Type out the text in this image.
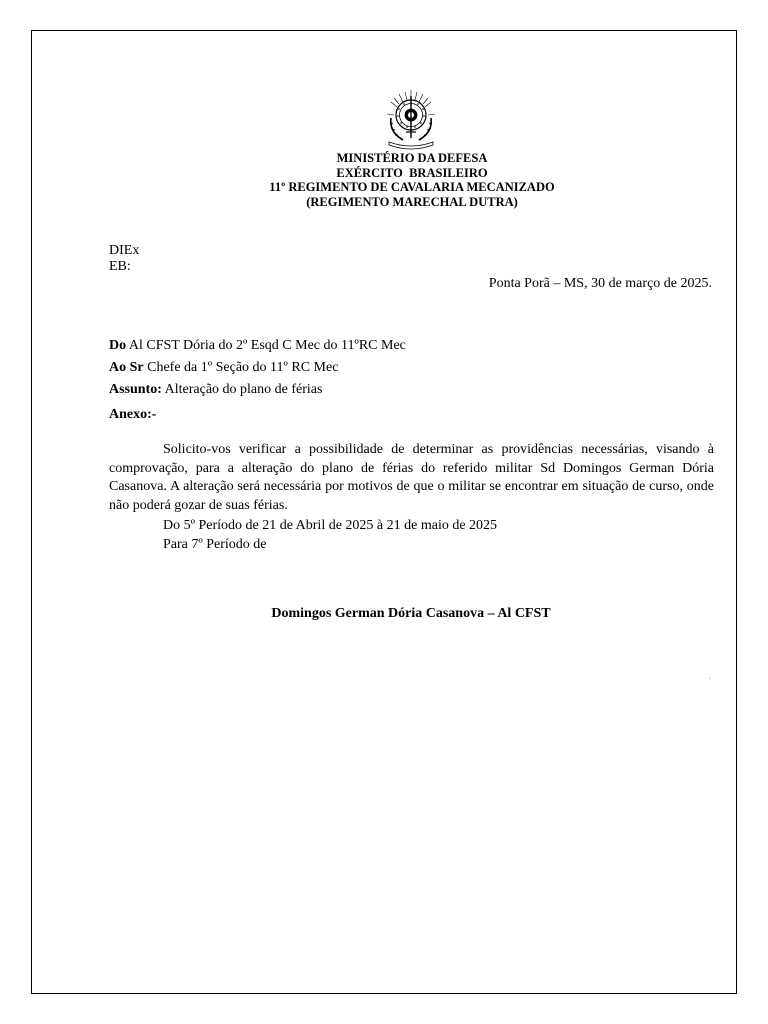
MINISTÉRIO DA DEFESA
EXÉRCITO  BRASILEIRO
11º REGIMENTO DE CAVALARIA MECANIZADO
(REGIMENTO MARECHAL DUTRA)
DIEx
EB:
Ponta Porã – MS, 30 de março de 2025.
Do Al CFST Dória do 2º Esqd C Mec do 11ºRC Mec
Ao Sr Chefe da 1º Seção do 11º RC Mec
Assunto: Alteração do plano de férias
Anexo:-
Solicito-vos verificar a possibilidade de determinar as providências necessárias, visando à comprovação, para a alteração do plano de férias do referido militar Sd Domingos German Dória Casanova. A alteração será necessária por motivos de que o militar se encontrar em situação de curso, onde não poderá gozar de suas férias.
Do 5º Período de 21 de Abril de 2025 à 21 de maio de 2025
Para 7º Período de
Domingos German Dória Casanova – Al CFST
